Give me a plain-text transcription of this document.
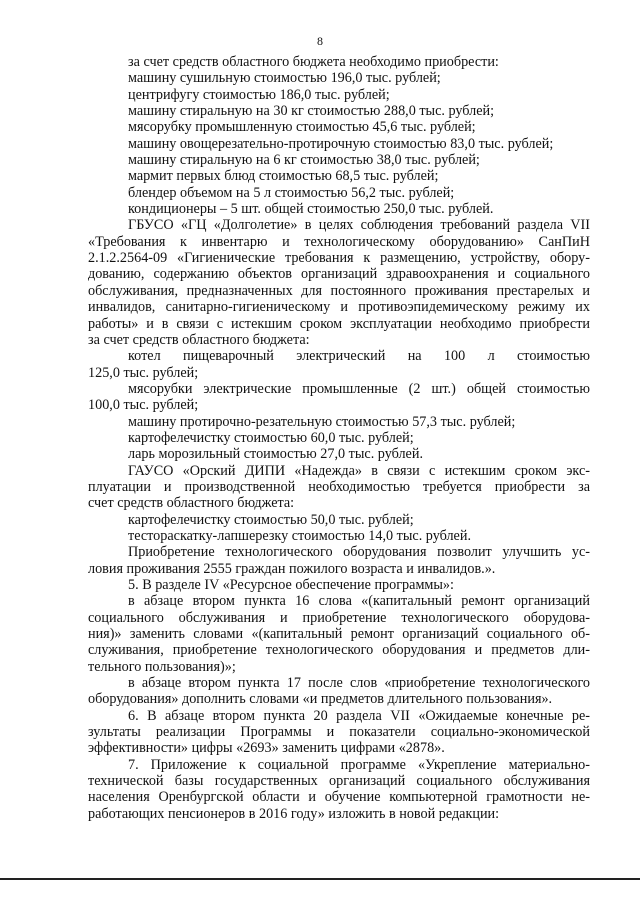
8
за счет средств областного бюджета необходимо приобрести:
машину сушильную стоимостью 196,0 тыс. рублей;
центрифугу стоимостью 186,0 тыс. рублей;
машину стиральную на 30 кг стоимостью 288,0 тыс. рублей;
мясорубку промышленную стоимостью 45,6 тыс. рублей;
машину овощерезательно-протирочную стоимостью 83,0 тыс. рублей;
машину стиральную на 6 кг стоимостью 38,0 тыс. рублей;
мармит первых блюд стоимостью 68,5 тыс. рублей;
блендер объемом на 5 л стоимостью 56,2 тыс. рублей;
кондиционеры – 5 шт. общей стоимостью 250,0 тыс. рублей.
ГБУСО «ГЦ «Долголетие» в целях соблюдения требований раздела VII
«Требования к инвентарю и технологическому оборудованию» СанПиН
2.1.2.2564-09 «Гигиенические требования к размещению, устройству, обору-
дованию, содержанию объектов организаций здравоохранения и социального
обслуживания, предназначенных для постоянного проживания престарелых и
инвалидов, санитарно-гигиеническому и противоэпидемическому режиму их
работы» и в связи с истекшим сроком эксплуатации необходимо приобрести
за счет средств областного бюджета:
котел пищеварочный электрический на 100 л стоимостью
125,0 тыс. рублей;
мясорубки электрические промышленные (2 шт.) общей стоимостью
100,0 тыс. рублей;
машину протирочно-резательную стоимостью 57,3 тыс. рублей;
картофелечистку стоимостью 60,0 тыс. рублей;
ларь морозильный стоимостью 27,0 тыс. рублей.
ГАУСО «Орский ДИПИ «Надежда» в связи с истекшим сроком экс-
плуатации и производственной необходимостью требуется приобрести за
счет средств областного бюджета:
картофелечистку стоимостью 50,0 тыс. рублей;
тестораскатку-лапшерезку стоимостью 14,0 тыс. рублей.
Приобретение технологического оборудования позволит улучшить ус-
ловия проживания 2555 граждан пожилого возраста и инвалидов.».
5. В разделе IV «Ресурсное обеспечение программы»:
в абзаце втором пункта 16 слова «(капитальный ремонт организаций
социального обслуживания и приобретение технологического оборудова-
ния)» заменить словами «(капитальный ремонт организаций социального об-
служивания, приобретение технологического оборудования и предметов дли-
тельного пользования)»;
в абзаце втором пункта 17 после слов «приобретение технологического
оборудования» дополнить словами «и предметов длительного пользования».
6. В абзаце втором пункта 20 раздела VII «Ожидаемые конечные ре-
зультаты реализации Программы и показатели социально-экономической
эффективности» цифры «2693» заменить цифрами «2878».
7. Приложение к социальной программе «Укрепление материально-
технической базы государственных организаций социального обслуживания
населения Оренбургской области и обучение компьютерной грамотности не-
работающих пенсионеров в 2016 году» изложить в новой редакции:
